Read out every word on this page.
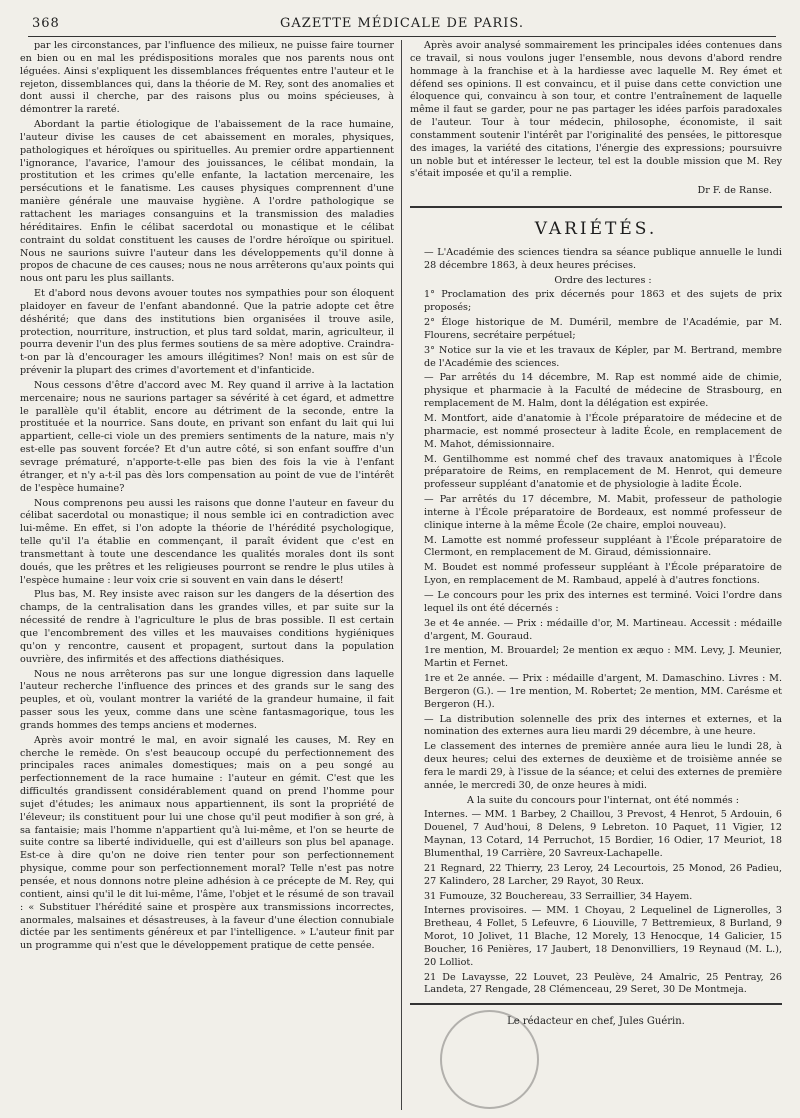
368	GAZETTE MÉDICALE DE PARIS.

par les circonstances, par l'influence des milieux, ne puisse faire tourner en bien ou en mal les prédispositions morales que nos parents nous ont léguées. Ainsi s'expliquent les dissemblances fréquentes entre l'auteur et le rejeton, dissemblances qui, dans la théorie de M. Rey, sont des anomalies et dont aussi il cherche, par des raisons plus ou moins spécieuses, à démontrer la rareté.

Abordant la partie étiologique de l'abaissement de la race humaine, l'auteur divise les causes de cet abaissement en morales, physiques, pathologiques et héroïques ou spirituelles. Au premier ordre appartiennent l'ignorance, l'avarice, l'amour des jouissances, le célibat mondain, la prostitution et les crimes qu'elle enfante, la lactation mercenaire, les persécutions et le fanatisme. Les causes physiques comprennent d'une manière générale une mauvaise hygiène. A l'ordre pathologique se rattachent les mariages consanguins et la transmission des maladies héréditaires. Enfin le célibat sacerdotal ou monastique et le célibat contraint du soldat constituent les causes de l'ordre héroïque ou spirituel. Nous ne saurions suivre l'auteur dans les développements qu'il donne à propos de chacune de ces causes; nous ne nous arrêterons qu'aux points qui nous ont paru les plus saillants.

Et d'abord nous devons avouer toutes nos sympathies pour son éloquent plaidoyer en faveur de l'enfant abandonné. Que la patrie adopte cet être déshérité; que dans des institutions bien organisées il trouve asile, protection, nourriture, instruction, et plus tard soldat, marin, agriculteur, il pourra devenir l'un des plus fermes soutiens de sa mère adoptive. Craindra-t-on par là d'encourager les amours illégitimes? Non! mais on est sûr de prévenir la plupart des crimes d'avortement et d'infanticide.

Nous cessons d'être d'accord avec M. Rey quand il arrive à la lactation mercenaire; nous ne saurions partager sa sévérité à cet égard, et admettre le parallèle qu'il établit, encore au détriment de la seconde, entre la prostituée et la nourrice. Sans doute, en privant son enfant du lait qui lui appartient, celle-ci viole un des premiers sentiments de la nature, mais n'y est-elle pas souvent forcée? Et d'un autre côté, si son enfant souffre d'un sevrage prématuré, n'apporte-t-elle pas bien des fois la vie à l'enfant étranger, et n'y a-t-il pas dès lors compensation au point de vue de l'intérêt de l'espèce humaine?

Nous comprenons peu aussi les raisons que donne l'auteur en faveur du célibat sacerdotal ou monastique; il nous semble ici en contradiction avec lui-même. En effet, si l'on adopte la théorie de l'hérédité psychologique, telle qu'il l'a établie en commençant, il paraît évident que c'est en transmettant à toute une descendance les qualités morales dont ils sont doués, que les prêtres et les religieuses pourront se rendre le plus utiles à l'espèce humaine : leur voix crie si souvent en vain dans le désert!

Plus bas, M. Rey insiste avec raison sur les dangers de la désertion des champs, de la centralisation dans les grandes villes, et par suite sur la nécessité de rendre à l'agriculture le plus de bras possible. Il est certain que l'encombrement des villes et les mauvaises conditions hygiéniques qu'on y rencontre, causent et propagent, surtout dans la population ouvrière, des infirmités et des affections diathésiques.

Nous ne nous arrêterons pas sur une longue digression dans laquelle l'auteur recherche l'influence des princes et des grands sur le sang des peuples, et où, voulant montrer la variété de la grandeur humaine, il fait passer sous les yeux, comme dans une scène fantasmagorique, tous les grands hommes des temps anciens et modernes.

Après avoir montré le mal, en avoir signalé les causes, M. Rey en cherche le remède. On s'est beaucoup occupé du perfectionnement des principales races animales domestiques; mais on a peu songé au perfectionnement de la race humaine : l'auteur en gémit. C'est que les difficultés grandissent considérablement quand on prend l'homme pour sujet d'études; les animaux nous appartiennent, ils sont la propriété de l'éleveur; ils constituent pour lui une chose qu'il peut modifier à son gré, à sa fantaisie; mais l'homme n'appartient qu'à lui-même, et l'on se heurte de suite contre sa liberté individuelle, qui est d'ailleurs son plus bel apanage. Est-ce à dire qu'on ne doive rien tenter pour son perfectionnement physique, comme pour son perfectionnement moral? Telle n'est pas notre pensée, et nous donnons notre pleine adhésion à ce précepte de M. Rey, qui contient, ainsi qu'il le dit lui-même, l'âme, l'objet et le résumé de son travail : « Substituer l'hérédité saine et prospère aux transmissions incorrectes, anormales, malsaines et désastreuses, à la faveur d'une élection connubiale dictée par les sentiments généreux et par l'intelligence. » L'auteur finit par un programme qui n'est que le développement pratique de cette pensée.

Après avoir analysé sommairement les principales idées contenues dans ce travail, si nous voulons juger l'ensemble, nous devons d'abord rendre hommage à la franchise et à la hardiesse avec laquelle M. Rey émet et défend ses opinions. Il est convaincu, et il puise dans cette conviction une éloquence qui, convaincu à son tour, et contre l'entraînement de laquelle même il faut se garder, pour ne pas partager les idées parfois paradoxales de l'auteur. Tour à tour médecin, philosophe, économiste, il sait constamment soutenir l'intérêt par l'originalité des pensées, le pittoresque des images, la variété des citations, l'énergie des expressions; poursuivre un noble but et intéresser le lecteur, tel est la double mission que M. Rey s'était imposée et qu'il a remplie.

Dr F. de Ranse.
VARIÉTÉS.

— L'Académie des sciences tiendra sa séance publique annuelle le lundi 28 décembre 1863, à deux heures précises.

Ordre des lectures :

1° Proclamation des prix décernés pour 1863 et des sujets de prix proposés;

2° Éloge historique de M. Duméril, membre de l'Académie, par M. Flourens, secrétaire perpétuel;

3° Notice sur la vie et les travaux de Képler, par M. Bertrand, membre de l'Académie des sciences.

— Par arrêtés du 14 décembre, M. Rap est nommé aide de chimie, physique et pharmacie à la Faculté de médecine de Strasbourg, en remplacement de M. Halm, dont la délégation est expirée.

M. Montfort, aide d'anatomie à l'École préparatoire de médecine et de pharmacie, est nommé prosecteur à ladite École, en remplacement de M. Mahot, démissionnaire.

M. Gentilhomme est nommé chef des travaux anatomiques à l'École préparatoire de Reims, en remplacement de M. Henrot, qui demeure professeur suppléant d'anatomie et de physiologie à ladite École.

— Par arrêtés du 17 décembre, M. Mabit, professeur de pathologie interne à l'École préparatoire de Bordeaux, est nommé professeur de clinique interne à la même École (2e chaire, emploi nouveau).

M. Lamotte est nommé professeur suppléant à l'École préparatoire de Clermont, en remplacement de M. Giraud, démissionnaire.

M. Boudet est nommé professeur suppléant à l'École préparatoire de Lyon, en remplacement de M. Rambaud, appelé à d'autres fonctions.

— Le concours pour les prix des internes est terminé. Voici l'ordre dans lequel ils ont été décernés :

3e et 4e année. — Prix : médaille d'or, M. Martineau. Accessit : médaille d'argent, M. Gouraud.

1re mention, M. Brouardel; 2e mention ex æquo : MM. Levy, J. Meunier, Martin et Fernet.

1re et 2e année. — Prix : médaille d'argent, M. Damaschino. Livres : M. Bergeron (G.). — 1re mention, M. Robertet; 2e mention, MM. Carésme et Bergeron (H.).

— La distribution solennelle des prix des internes et externes, et la nomination des externes aura lieu mardi 29 décembre, à une heure.

Le classement des internes de première année aura lieu le lundi 28, à deux heures; celui des externes de deuxième et de troisième année se fera le mardi 29, à l'issue de la séance; et celui des externes de première année, le mercredi 30, de onze heures à midi.

A la suite du concours pour l'internat, ont été nommés :

Internes. — MM. 1 Barbey, 2 Chaillou, 3 Prevost, 4 Henrot, 5 Ardouin, 6 Douenel, 7 Aud'houi, 8 Delens, 9 Lebreton. 10 Paquet, 11 Vigier, 12 Maynan, 13 Cotard, 14 Perruchot, 15 Bordier, 16 Odier, 17 Meuriot, 18 Blumenthal, 19 Carrière, 20 Savreux-Lachapelle.

21 Regnard, 22 Thierry, 23 Leroy, 24 Lecourtois, 25 Monod, 26 Padieu, 27 Kalindero, 28 Larcher, 29 Rayot, 30 Reux.

31 Fumouze, 32 Bouchereau, 33 Serraillier, 34 Hayem.

Internes provisoires. — MM. 1 Choyau, 2 Lequelinel de Lignerolles, 3 Bretheau, 4 Follet, 5 Lefeuvre, 6 Liouville, 7 Bettremieux, 8 Burland, 9 Morot, 10 Jolivet, 11 Blache, 12 Morely, 13 Henocque, 14 Galicier, 15 Boucher, 16 Penières, 17 Jaubert, 18 Denonvilliers, 19 Reynaud (M. L.), 20 Lolliot.

21 De Lavaysse, 22 Louvet, 23 Peulève, 24 Amalric, 25 Pentray, 26 Landeta, 27 Rengade, 28 Clémenceau, 29 Seret, 30 De Montmeja.

Le rédacteur en chef, Jules Guérin.
